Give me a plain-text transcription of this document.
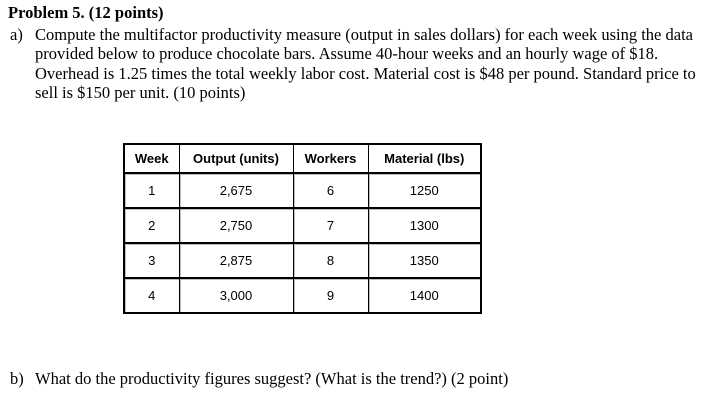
Problem 5. (12 points)
a) Compute the multifactor productivity measure (output in sales dollars) for each week using the data provided below to produce chocolate bars. Assume 40-hour weeks and an hourly wage of $18. Overhead is 1.25 times the total weekly labor cost. Material cost is $48 per pound. Standard price to sell is $150 per unit. (10 points)
Week	Output (units)	Workers	Material (lbs)
1	2,675	6	1250
2	2,750	7	1300
3	2,875	8	1350
4	3,000	9	1400
b) What do the productivity figures suggest? (What is the trend?) (2 point)
